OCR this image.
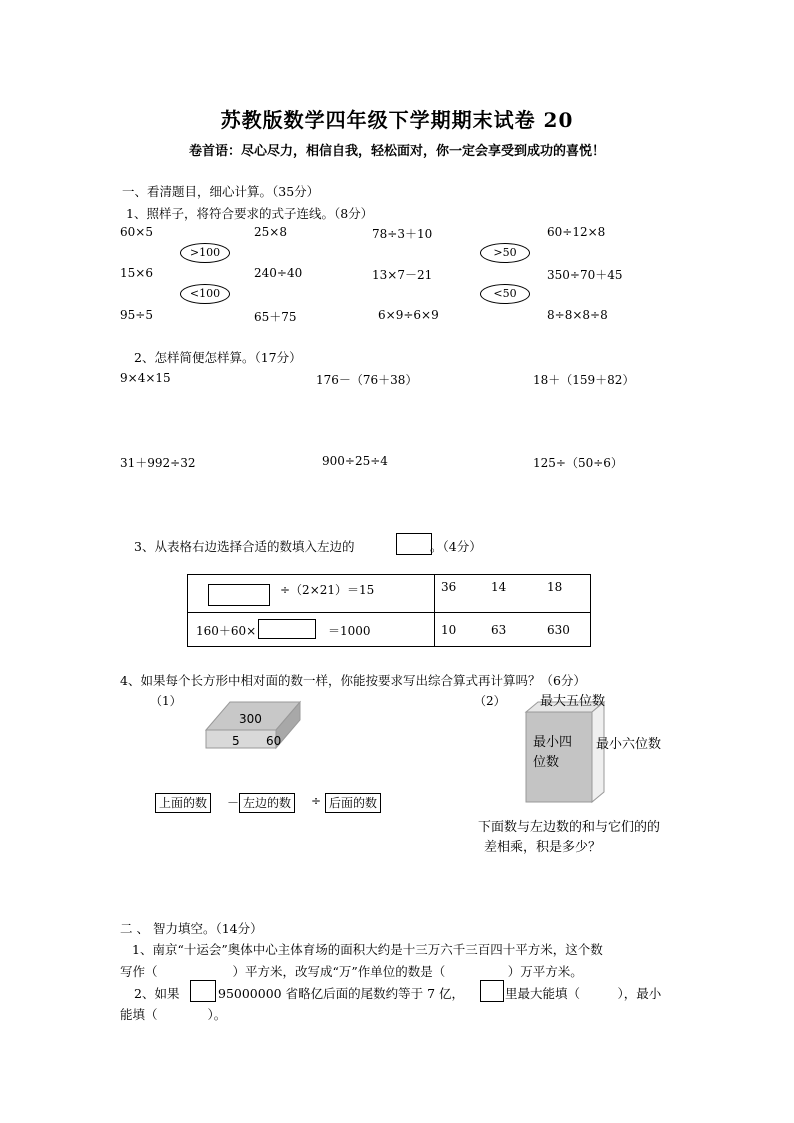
苏教版数学四年级下学期期末试卷 20
卷首语：尽心尽力，相信自我，轻松面对，你一定会享受到成功的喜悦！
一、看清题目，细心计算。（35分）
1、照样子，将符合要求的式子连线。（8分）
60×5	25×8	78÷3＋10	60÷12×8
>100	>50
15×6	240÷40	13×7－21	350÷70＋45
<100	<50
95÷5	65＋75	6×9÷6×9	8÷8×8÷8
2、怎样简便怎样算。（17分）
9×4×15	176－（76＋38）	18＋（159＋82）
31＋992÷32	900÷25÷4	125÷（50÷6）
3、从表格右边选择合适的数填入左边的	。（4分）
÷（2×21）＝15	36 14 18

160＋60× ＝1000	10 63 630
4、如果每个长方形中相对面的数一样，你能按要求写出综合算式再计算吗？（6分）
（1）	（2）
300
5 60
上面的数	－ 左边的数	÷ 后面的数
最大五位数
最小四位数
最小六位数
下面数与左边数的和与它们的的
差相乘，积是多少？
二 、 智力填空。（14分）
1、南京“十运会”奥体中心主体育场的面积大约是十三万六千三百四十平方米，这个数
写作（　　　　　　）平方米，改写成“万”作单位的数是（　　　　　）万平方米。
2、如果	95000000 省略亿后面的尾数约等于 7 亿，	里最大能填（　　　），最小
能填（　　　　）。
